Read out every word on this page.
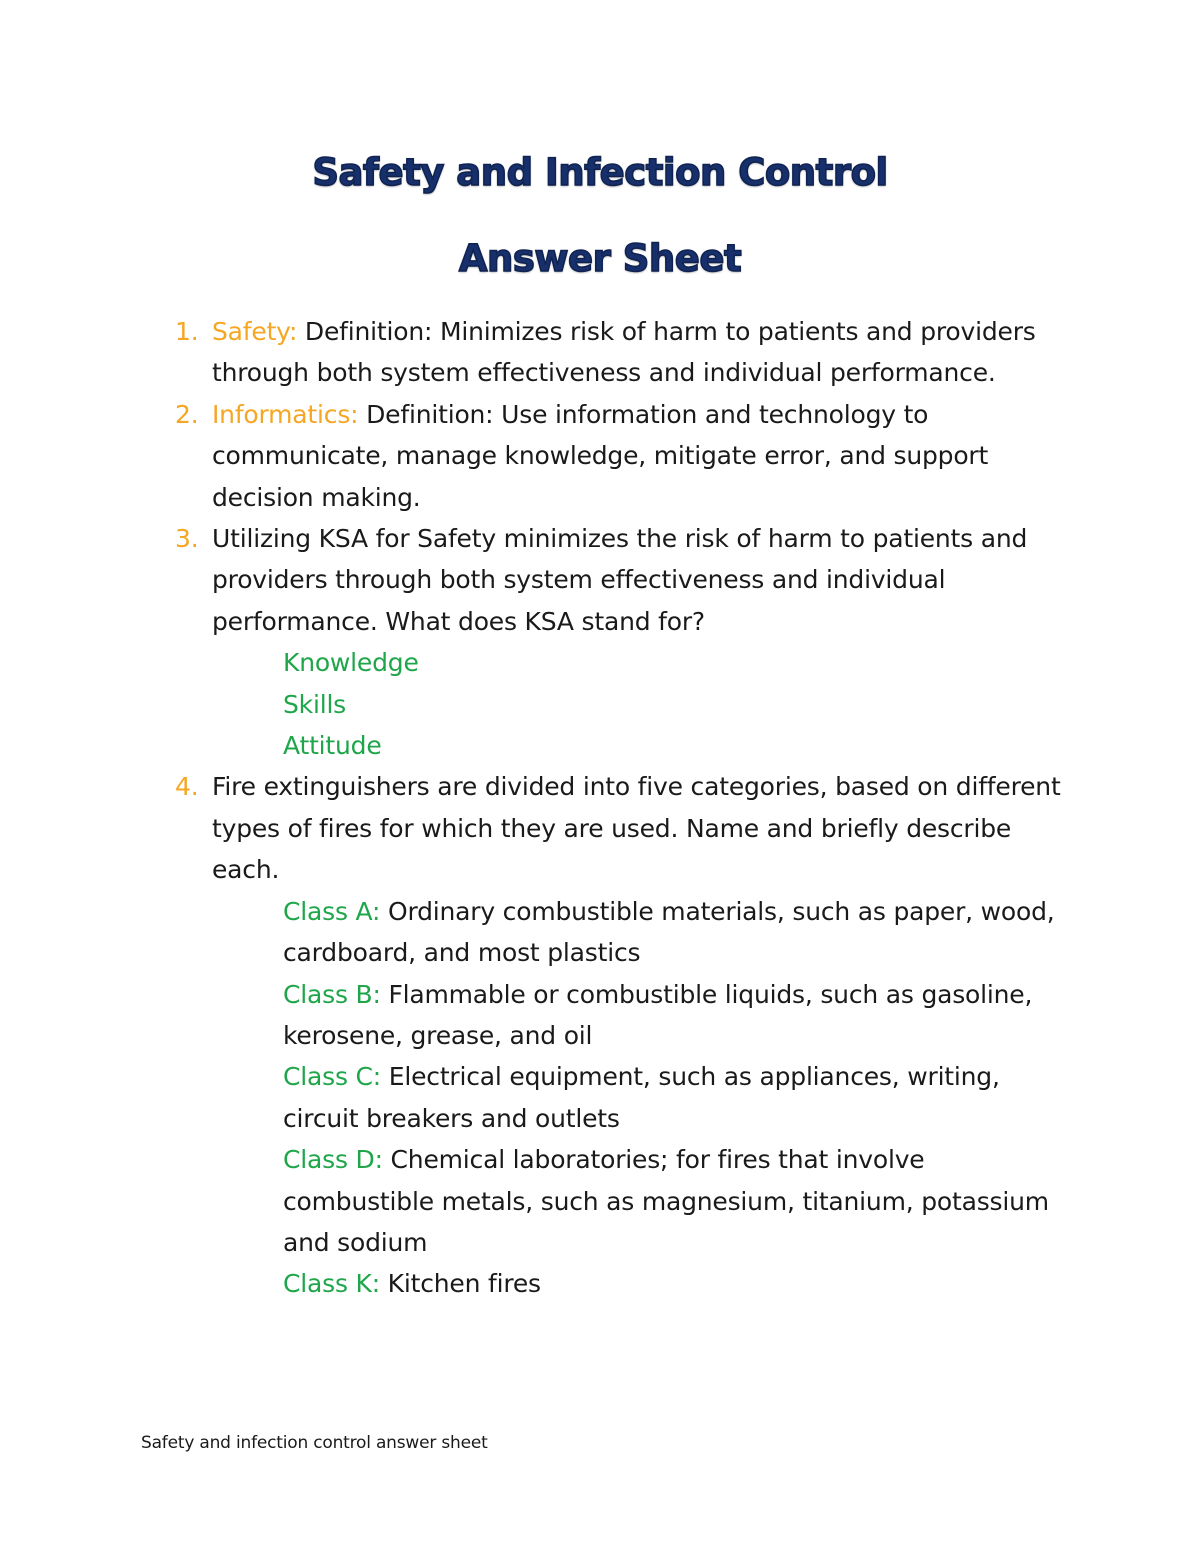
Safety and Infection Control
Answer Sheet
1. Safety: Definition: Minimizes risk of harm to patients and providers through both system effectiveness and individual performance.
2. Informatics: Definition: Use information and technology to communicate, manage knowledge, mitigate error, and support decision making.
3. Utilizing KSA for Safety minimizes the risk of harm to patients and providers through both system effectiveness and individual performance. What does KSA stand for?
Knowledge
Skills
Attitude
4. Fire extinguishers are divided into five categories, based on different types of fires for which they are used. Name and briefly describe each.
Class A: Ordinary combustible materials, such as paper, wood, cardboard, and most plastics
Class B: Flammable or combustible liquids, such as gasoline, kerosene, grease, and oil
Class C: Electrical equipment, such as appliances, writing, circuit breakers and outlets
Class D: Chemical laboratories; for fires that involve combustible metals, such as magnesium, titanium, potassium and sodium
Class K: Kitchen fires
Safety and infection control answer sheet
